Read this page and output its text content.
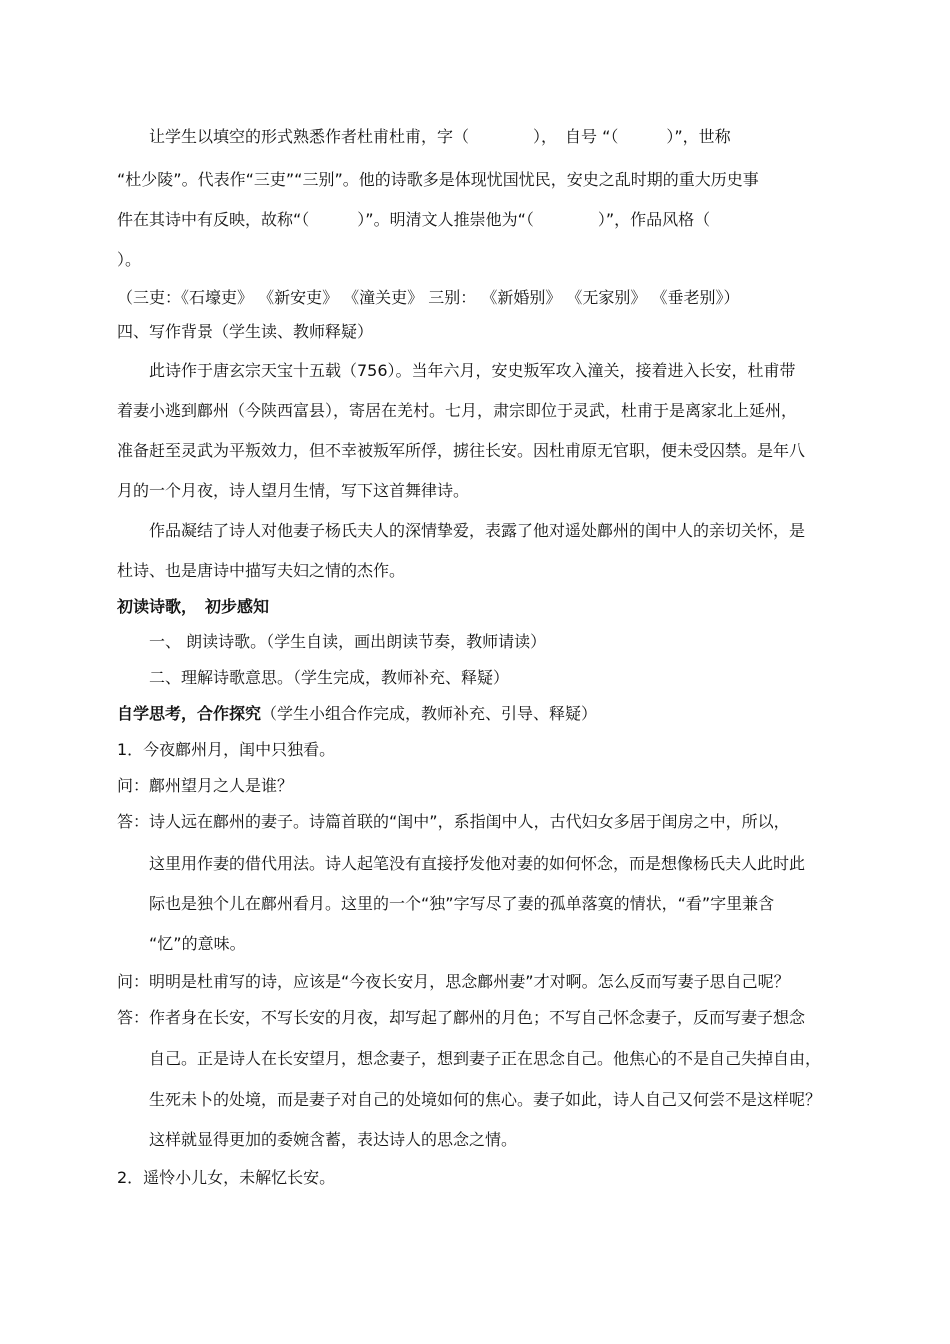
让学生以填空的形式熟悉作者杜甫杜甫，字（　　　　），　自号 “（　　　）”，世称
“杜少陵”。代表作“三吏”“三别”。他的诗歌多是体现忧国忧民，安史之乱时期的重大历史事
件在其诗中有反映，故称“（　　　）”。明清文人推崇他为“（　　　　）”，作品风格（
）。
（三吏：《石壕吏》 《新安吏》 《潼关吏》 三别： 《新婚别》 《无家别》 《垂老别》）
四、写作背景（学生读、教师释疑）
此诗作于唐玄宗天宝十五载（756）。当年六月，安史叛军攻入潼关，接着进入长安，杜甫带
着妻小逃到鄜州（今陕西富县），寄居在羌村。七月，肃宗即位于灵武，杜甫于是离家北上延州，
准备赶至灵武为平叛效力，但不幸被叛军所俘，掳往长安。因杜甫原无官职，便未受囚禁。是年八
月的一个月夜，诗人望月生情，写下这首舞律诗。
作品凝结了诗人对他妻子杨氏夫人的深情挚爱，表露了他对遥处鄜州的闺中人的亲切关怀，是
杜诗、也是唐诗中描写夫妇之情的杰作。
初读诗歌，　初步感知
一、 朗读诗歌。（学生自读，画出朗读节奏，教师请读）
二、理解诗歌意思。（学生完成，教师补充、释疑）
自学思考，合作探究（学生小组合作完成，教师补充、引导、释疑）
1．今夜鄜州月，闺中只独看。
问：鄜州望月之人是谁？
答：诗人远在鄜州的妻子。诗篇首联的“闺中”，系指闺中人，古代妇女多居于闺房之中，所以，
这里用作妻的借代用法。诗人起笔没有直接抒发他对妻的如何怀念，而是想像杨氏夫人此时此
际也是独个儿在鄜州看月。这里的一个“独”字写尽了妻的孤单落寞的情状，“看”字里兼含
“忆”的意味。
问：明明是杜甫写的诗，应该是“今夜长安月，思念鄜州妻”才对啊。怎么反而写妻子思自己呢？
答：作者身在长安，不写长安的月夜，却写起了鄜州的月色；不写自己怀念妻子，反而写妻子想念
自己。正是诗人在长安望月，想念妻子，想到妻子正在思念自己。他焦心的不是自己失掉自由，
生死未卜的处境，而是妻子对自己的处境如何的焦心。妻子如此，诗人自己又何尝不是这样呢？
这样就显得更加的委婉含蓄，表达诗人的思念之情。
2．遥怜小儿女，未解忆长安。
